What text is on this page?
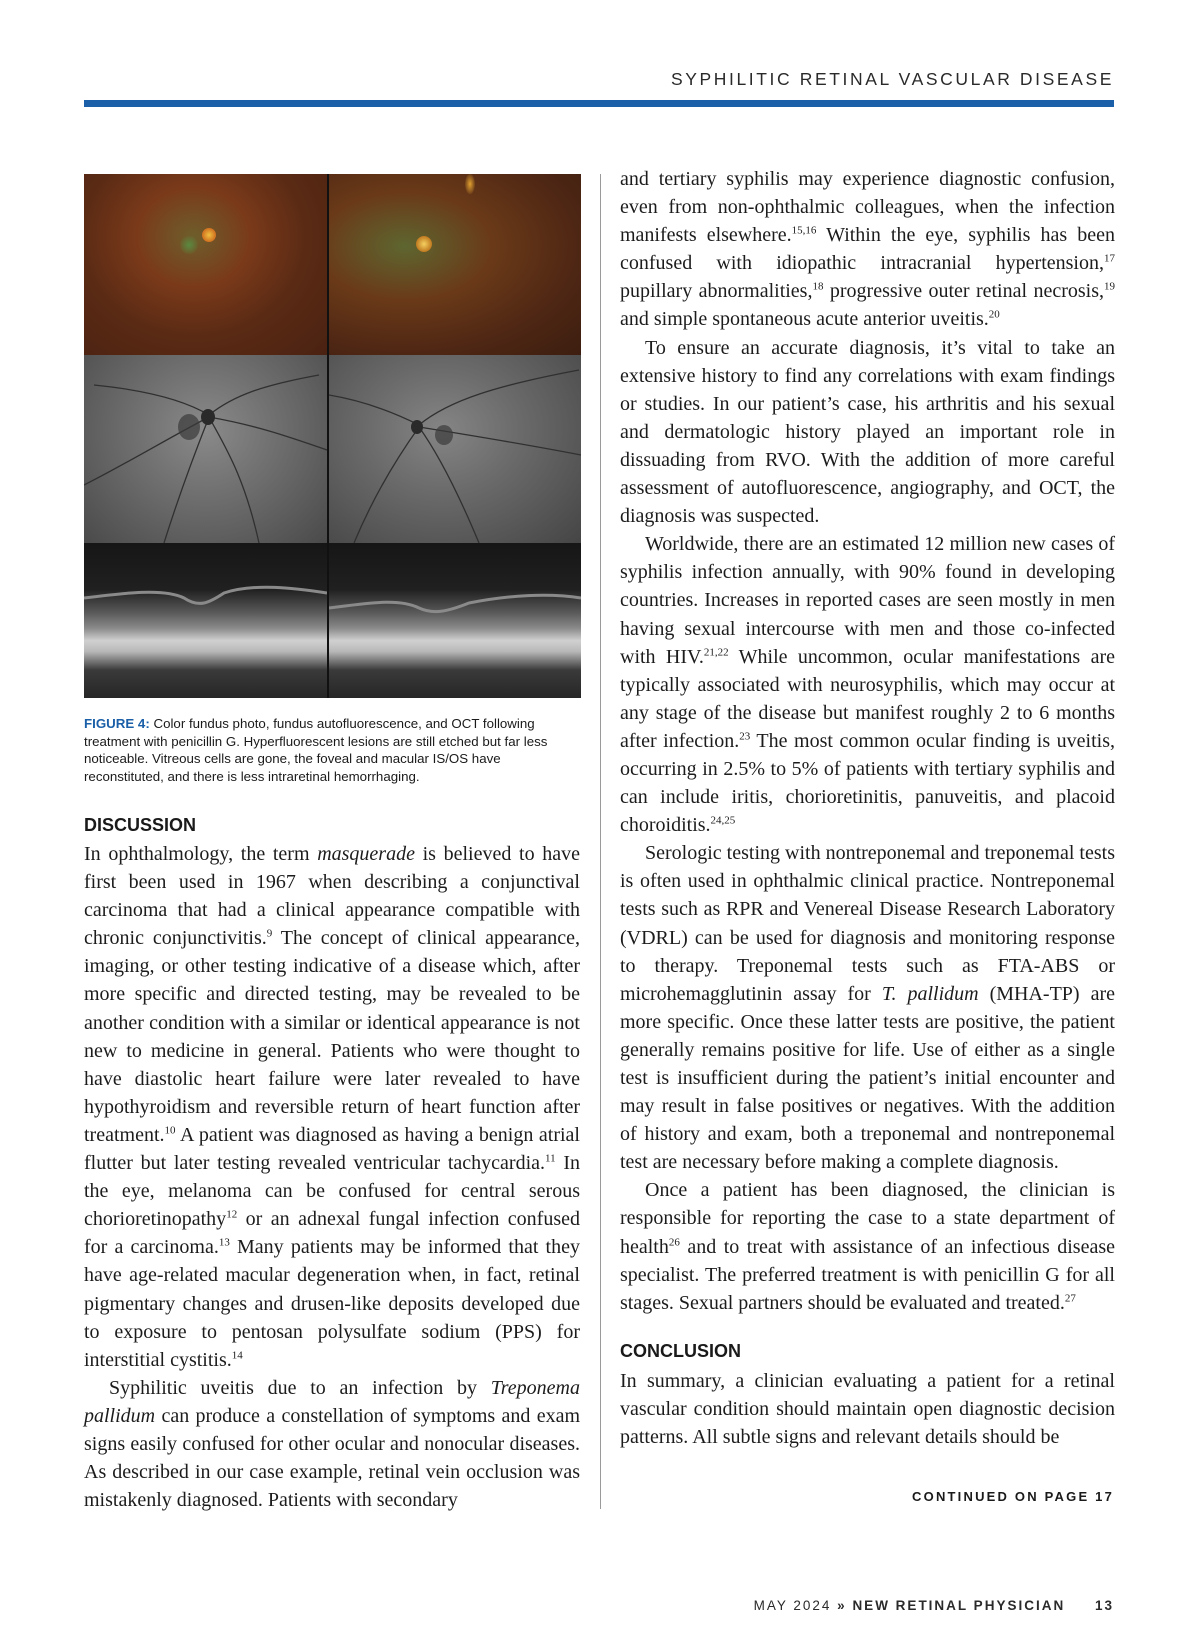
SYPHILITIC RETINAL VASCULAR DISEASE
FIGURE 4: Color fundus photo, fundus autofluorescence, and OCT following treatment with penicillin G. Hyperfluorescent lesions are still etched but far less noticeable. Vitreous cells are gone, the foveal and macular IS/OS have reconstituted, and there is less intraretinal hemorrhaging.
DISCUSSION

In ophthalmology, the term masquerade is believed to have first been used in 1967 when describing a conjunctival carcinoma that had a clinical appearance compatible with chronic conjunctivitis.$^9$ The concept of clinical appearance, imaging, or other testing indicative of a disease which, after more specific and directed testing, may be revealed to be another condition with a similar or identical appearance is not new to medicine in general. Patients who were thought to have diastolic heart failure were later revealed to have hypothyroidism and reversible return of heart function after treatment.$^{10}$ A patient was diagnosed as having a benign atrial flutter but later testing revealed ventricular tachycardia.$^{11}$ In the eye, melanoma can be confused for central serous chorioretinopathy$^{12}$ or an adnexal fungal infection confused for a carcinoma.$^{13}$ Many patients may be informed that they have age-related macular degeneration when, in fact, retinal pigmentary changes and drusen-like deposits developed due to exposure to pentosan polysulfate sodium (PPS) for interstitial cystitis.$^{14}$

Syphilitic uveitis due to an infection by Treponema pallidum can produce a constellation of symptoms and exam signs easily confused for other ocular and nonocular diseases. As described in our case example, retinal vein occlusion was mistakenly diagnosed. Patients with secondary

and tertiary syphilis may experience diagnostic confusion, even from non-ophthalmic colleagues, when the infection manifests elsewhere.$^{15,16}$ Within the eye, syphilis has been confused with idiopathic intracranial hypertension,$^{17}$ pupillary abnormalities,$^{18}$ progressive outer retinal necrosis,$^{19}$ and simple spontaneous acute anterior uveitis.$^{20}$

To ensure an accurate diagnosis, it’s vital to take an extensive history to find any correlations with exam findings or studies. In our patient’s case, his arthritis and his sexual and dermatologic history played an important role in dissuading from RVO. With the addition of more careful assessment of autofluorescence, angiography, and OCT, the diagnosis was suspected.

Worldwide, there are an estimated 12 million new cases of syphilis infection annually, with 90% found in developing countries. Increases in reported cases are seen mostly in men having sexual intercourse with men and those co-infected with HIV.$^{21,22}$ While uncommon, ocular manifestations are typically associated with neurosyphilis, which may occur at any stage of the disease but manifest roughly 2 to 6 months after infection.$^{23}$ The most common ocular finding is uveitis, occurring in 2.5% to 5% of patients with tertiary syphilis and can include iritis, chorioretinitis, panuveitis, and placoid choroiditis.$^{24,25}$

Serologic testing with nontreponemal and treponemal tests is often used in ophthalmic clinical practice. Nontreponemal tests such as RPR and Venereal Disease Research Laboratory (VDRL) can be used for diagnosis and monitoring response to therapy. Treponemal tests such as FTA-ABS or microhemagglutinin assay for T. pallidum (MHA-TP) are more specific. Once these latter tests are positive, the patient generally remains positive for life. Use of either as a single test is insufficient during the patient’s initial encounter and may result in false positives or negatives. With the addition of history and exam, both a treponemal and nontreponemal test are necessary before making a complete diagnosis.

Once a patient has been diagnosed, the clinician is responsible for reporting the case to a state department of health$^{26}$ and to treat with assistance of an infectious disease specialist. The preferred treatment is with penicillin G for all stages. Sexual partners should be evaluated and treated.$^{27}$

CONCLUSION

In summary, a clinician evaluating a patient for a retinal vascular condition should maintain open diagnostic decision patterns. All subtle signs and relevant details should be

CONTINUED ON PAGE 17
MAY 2024 » NEW RETINAL PHYSICIAN 13
